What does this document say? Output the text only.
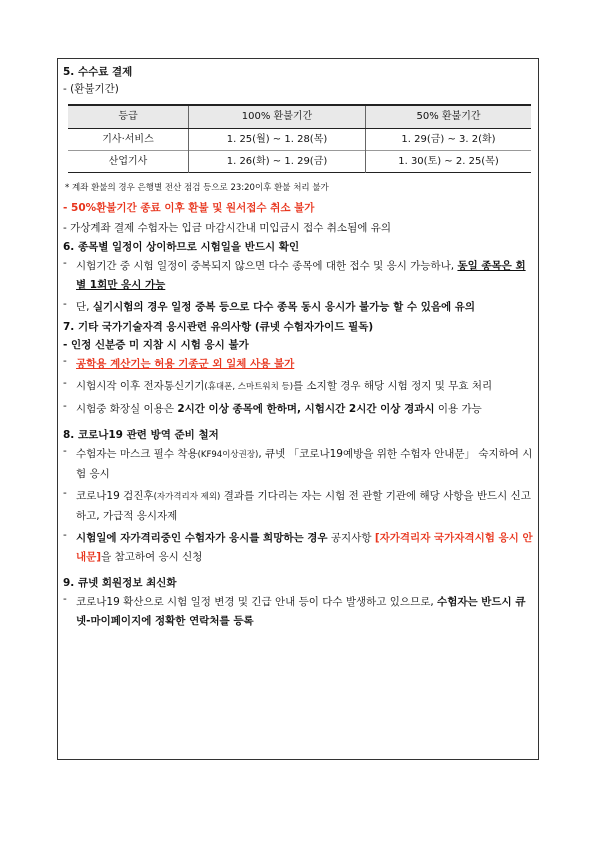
5. 수수료 결제

- (환불기간)

등급	100% 환불기간	50% 환불기간
기사·서비스	1. 25(월) ~ 1. 28(목)	1. 29(금) ~ 3. 2(화)
산업기사	1. 26(화) ~ 1. 29(금)	1. 30(토) ~ 2. 25(목)

* 계좌 환불의 경우 은행별 전산 점검 등으로 23:20이후 환불 처리 불가

- 50%환불기간 종료 이후 환불 및 원서접수 취소 불가

- 가상계좌 결제 수험자는 입금 마감시간내 미입금시 접수 취소됨에 유의

6. 종목별 일정이 상이하므로 시험일을 반드시 확인

- 시험기간 중 시험 일정이 중복되지 않으면 다수 종목에 대한 접수 및 응시 가능하나, 동일 종목은 회별 1회만 응시 가능
- 단, 실기시험의 경우 일정 중복 등으로 다수 종목 동시 응시가 불가능 할 수 있음에 유의

7. 기타 국가기술자격 응시관련 유의사항 (큐넷 수험자가이드 필독)

- 인정 신분증 미 지참 시 시험 응시 불가

- 공학용 계산기는 허용 기종군 외 일체 사용 불가
- 시험시작 이후 전자통신기기(휴대폰, 스마트워치 등)를 소지할 경우 해당 시험 정지 및 무효 처리
- 시험중 화장실 이용은 2시간 이상 종목에 한하며, 시험시간 2시간 이상 경과시 이용 가능

8. 코로나19 관련 방역 준비 철저

- 수험자는 마스크 필수 착용(KF94이상권장), 큐넷 「코로나19예방을 위한 수험자 안내문」 숙지하여 시험 응시
- 코로나19 검진후(자가격리자 제외) 결과를 기다리는 자는 시험 전 관할 기관에 해당 사항을 반드시 신고하고, 가급적 응시자제
- 시험일에 자가격리중인 수험자가 응시를 희망하는 경우 공지사항 [자가격리자 국가자격시험 응시 안내문]을 참고하여 응시 신청

9. 큐넷 회원정보 최신화

- 코로나19 확산으로 시험 일정 변경 및 긴급 안내 등이 다수 발생하고 있으므로, 수험자는 반드시 큐넷-마이페이지에 정확한 연락처를 등록
